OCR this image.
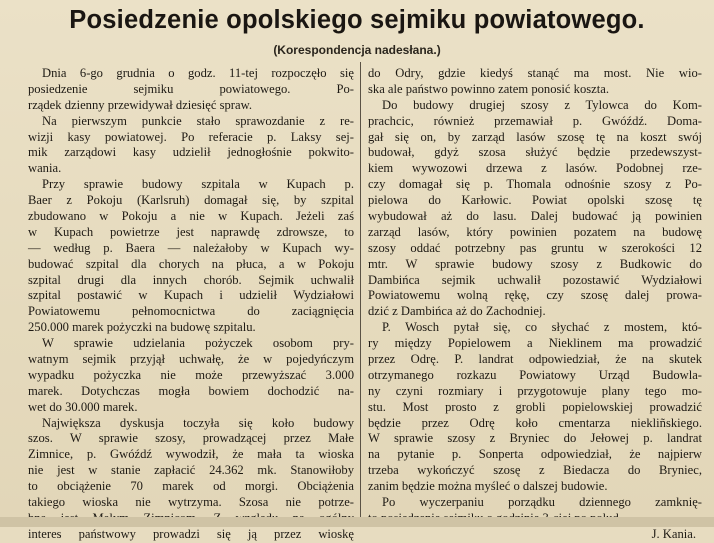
Posiedzenie opolskiego sejmiku powiatowego.
(Korespondencja nadesłana.)
Dnia 6-go grudnia o godz. 11-tej rozpoczęło się
posiedzenie sejmiku powiatowego. Po-
rządek dzienny przewidywał dziesięć spraw.
Na pierwszym punkcie stało sprawozdanie z re-
wizji kasy powiatowej. Po referacie p. Laksy sej-
mik zarządowi kasy udzielił jednogłośnie pokwito-
wania.
Przy sprawie budowy szpitala w Kupach p.
Baer z Pokoju (Karlsruh) domagał się, by szpital
zbudowano w Pokoju a nie w Kupach. Jeżeli zaś
w Kupach powietrze jest naprawdę zdrowsze, to
— według p. Baera — należałoby w Kupach wy-
budować szpital dla chorych na płuca, a w Pokoju
szpital drugi dla innych chorób. Sejmik uchwalił
szpital postawić w Kupach i udzielił Wydziałowi
Powiatowemu pełnomocnictwa do zaciągnięcia
250.000 marek pożyczki na budowę szpitalu.
W sprawie udzielania pożyczek osobom pry-
watnym sejmik przyjął uchwałę, że w pojedyńczym
wypadku pożyczka nie może przewyższać 3.000
marek. Dotychczas mogła bowiem dochodzić na-
wet do 30.000 marek.
Największa dyskusja toczyła się koło budowy
szos. W sprawie szosy, prowadzącej przez Małe
Zimnice, p. Gwóźdź wywodził, że mała ta wioska
nie jest w stanie zapłacić 24.362 mk. Stanowiłoby
to obciążenie 70 marek od morgi. Obciążenia
takiego wioska nie wytrzyma. Szosa nie potrze-
interes państwowy prowadzi się ją przez wioskę
do Odry, gdzie kiedyś stanąć ma most. Nie wio-
ska ale państwo powinno zatem ponosić koszta.
Do budowy drugiej szosy z Tylowca do Kom-
prachcic, również przemawiał p. Gwóźdź. Doma-
gał się on, by zarząd lasów szosę tę na koszt swój
budował, gdyż szosa służyć będzie przedewszyst-
kiem wywozowi drzewa z lasów. Podobnej rze-
czy domagał się p. Thomala odnośnie szosy z Po-
pielowa do Karłowic. Powiat opolski szosę tę
wybudował aż do lasu. Dalej budować ją powinien
zarząd lasów, który powinien pozatem na budowę
szosy oddać potrzebny pas gruntu w szerokości 12
mtr. W sprawie budowy szosy z Budkowic do
Dambińca sejmik uchwalił pozostawić Wydziałowi
Powiatowemu wolną rękę, czy szosę dalej prowa-
dzić z Dambińca aż do Zachodniej.
P. Wosch pytał się, co słychać z mostem, któ-
ry między Popielowem a Nieklinem ma prowadzić
przez Odrę. P. landrat odpowiedział, że na skutek
otrzymanego rozkazu Powiatowy Urząd Budowla-
ny czyni rozmiary i przygotowuje plany tego mo-
stu. Most prosto z grobli popielowskiej prowadzić
będzie przez Odrę koło cmentarza niekliñskiego.
W sprawie szosy z Bryniec do Jełowej p. landrat
na pytanie p. Sonperta odpowiedział, że najpierw
trzeba wykończyć szosę z Biedacza do Bryniec,
zanim będzie można myśleć o dalszej budowie.
Po wyczerpaniu porządku dziennego zamknię-
J. Kania.
